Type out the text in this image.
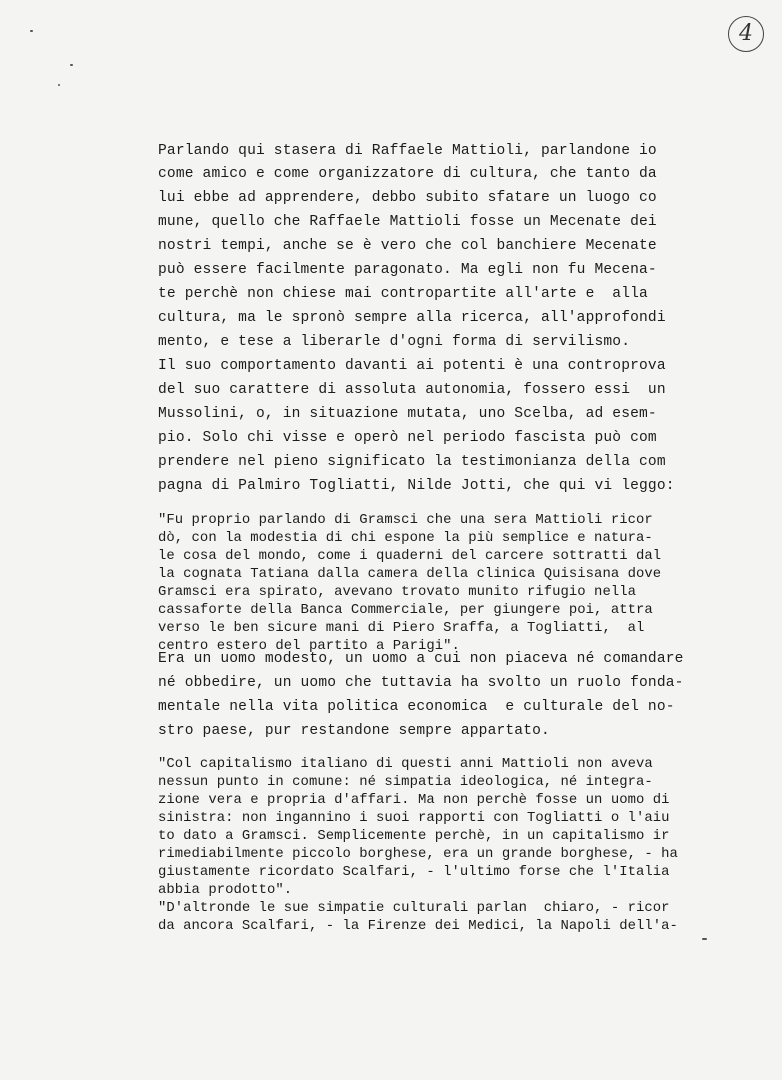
4
Parlando qui stasera di Raffaele Mattioli, parlandone io
come amico e come organizzatore di cultura, che tanto da
lui ebbe ad apprendere, debbo subito sfatare un luogo co
mune, quello che Raffaele Mattioli fosse un Mecenate dei
nostri tempi, anche se è vero che col banchiere Mecenate
può essere facilmente paragonato. Ma egli non fu Mecena-
te perchè non chiese mai contropartite all'arte e  alla
cultura, ma le spronò sempre alla ricerca, all'approfondi
mento, e tese a liberarle d'ogni forma di servilismo.
Il suo comportamento davanti ai potenti è una controprova
del suo carattere di assoluta autonomia, fossero essi  un
Mussolini, o, in situazione mutata, uno Scelba, ad esem-
pio. Solo chi visse e operò nel periodo fascista può com
prendere nel pieno significato la testimonianza della com
pagna di Palmiro Togliatti, Nilde Jotti, che qui vi leggo:
"Fu proprio parlando di Gramsci che una sera Mattioli ricor
dò, con la modestia di chi espone la più semplice e natura-
le cosa del mondo, come i quaderni del carcere sottratti dal
la cognata Tatiana dalla camera della clinica Quisisana dove
Gramsci era spirato, avevano trovato munito rifugio nella
cassaforte della Banca Commerciale, per giungere poi, attra
verso le ben sicure mani di Piero Sraffa, a Togliatti,  al
centro estero del partito a Parigi".
Era un uomo modesto, un uomo a cui non piaceva né comandare
né obbedire, un uomo che tuttavia ha svolto un ruolo fonda-
mentale nella vita politica economica  e culturale del no-
stro paese, pur restandone sempre appartato.
"Col capitalismo italiano di questi anni Mattioli non aveva
nessun punto in comune: né simpatia ideologica, né integra-
zione vera e propria d'affari. Ma non perchè fosse un uomo di
sinistra: non ingannino i suoi rapporti con Togliatti o l'aiu
to dato a Gramsci. Semplicemente perchè, in un capitalismo ir
rimediabilmente piccolo borghese, era un grande borghese, - ha
giustamente ricordato Scalfari, - l'ultimo forse che l'Italia
abbia prodotto".
"D'altronde le sue simpatie culturali parlan  chiaro, - ricor
da ancora Scalfari, - la Firenze dei Medici, la Napoli dell'a-
